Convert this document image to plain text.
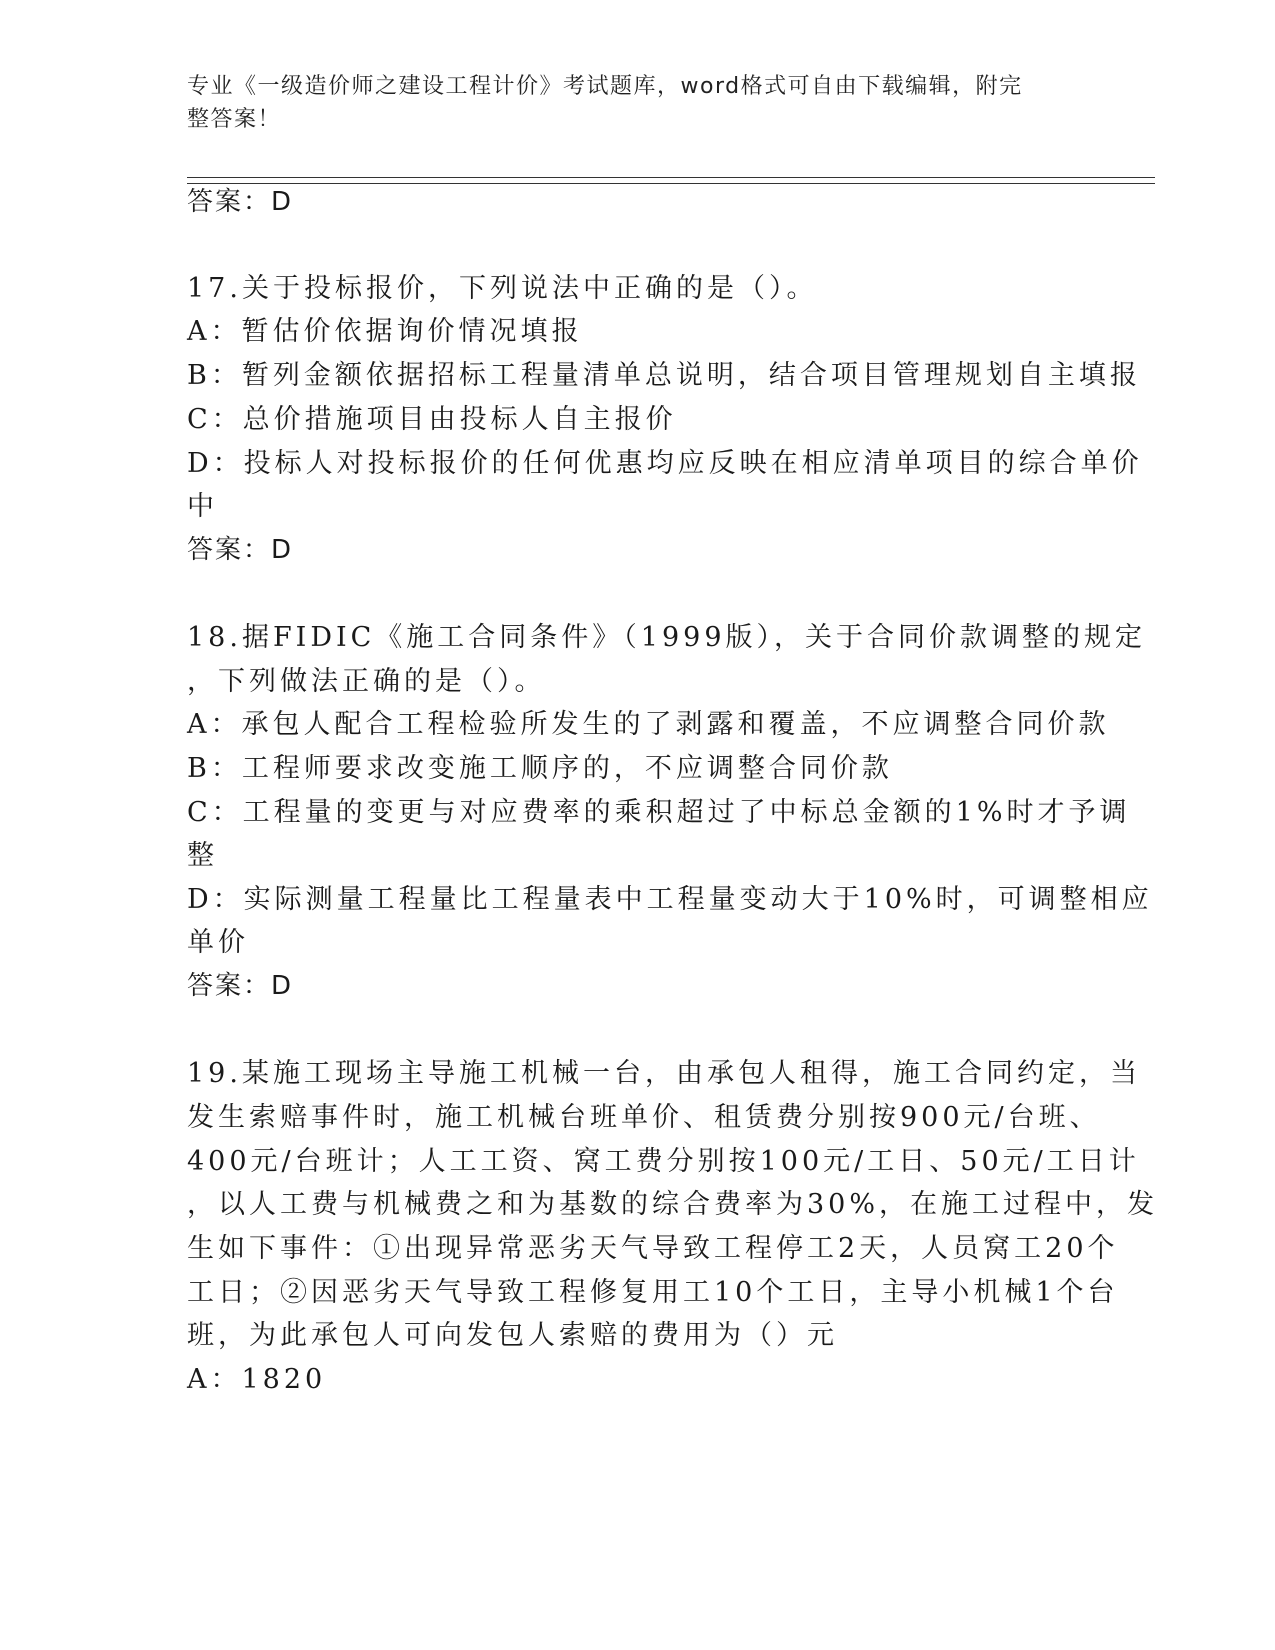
专业《一级造价师之建设工程计价》考试题库，word格式可自由下载编辑，附完
整答案！
答案：D
17.关于投标报价，下列说法中正确的是（）。
A：暂估价依据询价情况填报
B：暂列金额依据招标工程量清单总说明，结合项目管理规划自主填报
C：总价措施项目由投标人自主报价
D：投标人对投标报价的任何优惠均应反映在相应清单项目的综合单价
中
答案：D
18.据FIDIC《施工合同条件》（1999版），关于合同价款调整的规定
，下列做法正确的是（）。
A：承包人配合工程检验所发生的了剥露和覆盖，不应调整合同价款
B：工程师要求改变施工顺序的，不应调整合同价款
C：工程量的变更与对应费率的乘积超过了中标总金额的1%时才予调
整
D：实际测量工程量比工程量表中工程量变动大于10%时，可调整相应
单价
答案：D
19.某施工现场主导施工机械一台，由承包人租得，施工合同约定，当
发生索赔事件时，施工机械台班单价、租赁费分别按900元/台班、
400元/台班计；人工工资、窝工费分别按100元/工日、50元/工日计
，以人工费与机械费之和为基数的综合费率为30%，在施工过程中，发
生如下事件：①出现异常恶劣天气导致工程停工2天，人员窝工20个
工日；②因恶劣天气导致工程修复用工10个工日，主导小机械1个台
班，为此承包人可向发包人索赔的费用为（）元
A：1820
